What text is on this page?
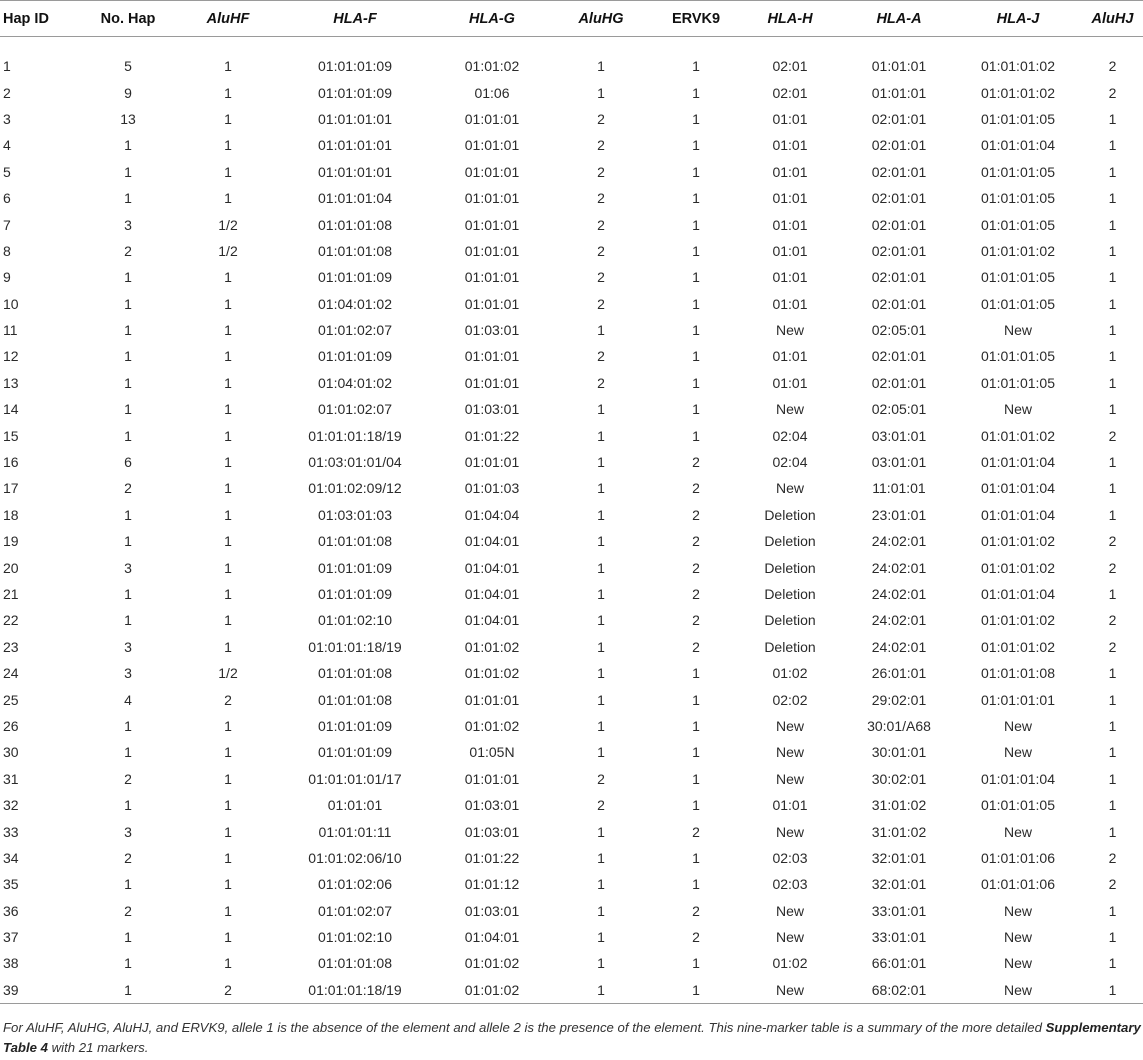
Hap ID	No. Hap	AluHF	HLA-F	HLA-G	AluHG	ERVK9	HLA-H	HLA-A	HLA-J	AluHJ

1	5	1	01:01:01:09	01:01:02	1	1	02:01	01:01:01	01:01:01:02	2
2	9	1	01:01:01:09	01:06	1	1	02:01	01:01:01	01:01:01:02	2
3	13	1	01:01:01:01	01:01:01	2	1	01:01	02:01:01	01:01:01:05	1
4	1	1	01:01:01:01	01:01:01	2	1	01:01	02:01:01	01:01:01:04	1
5	1	1	01:01:01:01	01:01:01	2	1	01:01	02:01:01	01:01:01:05	1
6	1	1	01:01:01:04	01:01:01	2	1	01:01	02:01:01	01:01:01:05	1
7	3	1/2	01:01:01:08	01:01:01	2	1	01:01	02:01:01	01:01:01:05	1
8	2	1/2	01:01:01:08	01:01:01	2	1	01:01	02:01:01	01:01:01:02	1
9	1	1	01:01:01:09	01:01:01	2	1	01:01	02:01:01	01:01:01:05	1
10	1	1	01:04:01:02	01:01:01	2	1	01:01	02:01:01	01:01:01:05	1
11	1	1	01:01:02:07	01:03:01	1	1	New	02:05:01	New	1
12	1	1	01:01:01:09	01:01:01	2	1	01:01	02:01:01	01:01:01:05	1
13	1	1	01:04:01:02	01:01:01	2	1	01:01	02:01:01	01:01:01:05	1
14	1	1	01:01:02:07	01:03:01	1	1	New	02:05:01	New	1
15	1	1	01:01:01:18/19	01:01:22	1	1	02:04	03:01:01	01:01:01:02	2
16	6	1	01:03:01:01/04	01:01:01	1	2	02:04	03:01:01	01:01:01:04	1
17	2	1	01:01:02:09/12	01:01:03	1	2	New	11:01:01	01:01:01:04	1
18	1	1	01:03:01:03	01:04:04	1	2	Deletion	23:01:01	01:01:01:04	1
19	1	1	01:01:01:08	01:04:01	1	2	Deletion	24:02:01	01:01:01:02	2
20	3	1	01:01:01:09	01:04:01	1	2	Deletion	24:02:01	01:01:01:02	2
21	1	1	01:01:01:09	01:04:01	1	2	Deletion	24:02:01	01:01:01:04	1
22	1	1	01:01:02:10	01:04:01	1	2	Deletion	24:02:01	01:01:01:02	2
23	3	1	01:01:01:18/19	01:01:02	1	2	Deletion	24:02:01	01:01:01:02	2
24	3	1/2	01:01:01:08	01:01:02	1	1	01:02	26:01:01	01:01:01:08	1
25	4	2	01:01:01:08	01:01:01	1	1	02:02	29:02:01	01:01:01:01	1
26	1	1	01:01:01:09	01:01:02	1	1	New	30:01/A68	New	1
30	1	1	01:01:01:09	01:05N	1	1	New	30:01:01	New	1
31	2	1	01:01:01:01/17	01:01:01	2	1	New	30:02:01	01:01:01:04	1
32	1	1	01:01:01	01:03:01	2	1	01:01	31:01:02	01:01:01:05	1
33	3	1	01:01:01:11	01:03:01	1	2	New	31:01:02	New	1
34	2	1	01:01:02:06/10	01:01:22	1	1	02:03	32:01:01	01:01:01:06	2
35	1	1	01:01:02:06	01:01:12	1	1	02:03	32:01:01	01:01:01:06	2
36	2	1	01:01:02:07	01:03:01	1	2	New	33:01:01	New	1
37	1	1	01:01:02:10	01:04:01	1	2	New	33:01:01	New	1
38	1	1	01:01:01:08	01:01:02	1	1	01:02	66:01:01	New	1
39	1	2	01:01:01:18/19	01:01:02	1	1	New	68:02:01	New	1
For AluHF, AluHG, AluHJ, and ERVK9, allele 1 is the absence of the element and allele 2 is the presence of the element. This nine-marker table is a summary of the more detailed Supplementary Table 4 with 21 markers.
